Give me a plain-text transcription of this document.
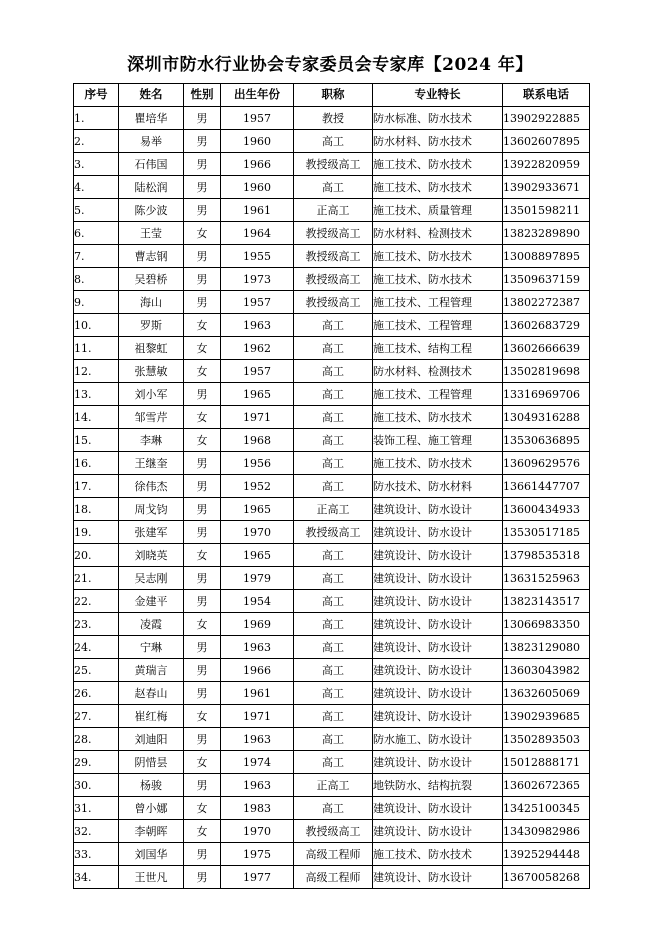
深圳市防水行业协会专家委员会专家库【2024 年】
序号	姓名	性别	出生年份	职称	专业特长	联系电话
1.	瞿培华	男	1957	教授	防水标准、防水技术	13902922885
2.	易举	男	1960	高工	防水材料、防水技术	13602607895
3.	石伟国	男	1966	教授级高工	施工技术、防水技术	13922820959
4.	陆松润	男	1960	高工	施工技术、防水技术	13902933671
5.	陈少波	男	1961	正高工	施工技术、质量管理	13501598211
6.	王莹	女	1964	教授级高工	防水材料、检测技术	13823289890
7.	曹志钢	男	1955	教授级高工	施工技术、防水技术	13008897895
8.	吴碧桥	男	1973	教授级高工	施工技术、防水技术	13509637159
9.	海山	男	1957	教授级高工	施工技术、工程管理	13802272387
10.	罗斯	女	1963	高工	施工技术、工程管理	13602683729
11.	祖黎虹	女	1962	高工	施工技术、结构工程	13602666639
12.	张慧敏	女	1957	高工	防水材料、检测技术	13502819698
13.	刘小军	男	1965	高工	施工技术、工程管理	13316969706
14.	邹雪芹	女	1971	高工	施工技术、防水技术	13049316288
15.	李琳	女	1968	高工	装饰工程、施工管理	13530636895
16.	王继奎	男	1956	高工	施工技术、防水技术	13609629576
17.	徐伟杰	男	1952	高工	防水技术、防水材料	13661447707
18.	周戈钧	男	1965	正高工	建筑设计、防水设计	13600434933
19.	张建军	男	1970	教授级高工	建筑设计、防水设计	13530517185
20.	刘晓英	女	1965	高工	建筑设计、防水设计	13798535318
21.	吴志刚	男	1979	高工	建筑设计、防水设计	13631525963
22.	金建平	男	1954	高工	建筑设计、防水设计	13823143517
23.	凌霞	女	1969	高工	建筑设计、防水设计	13066983350
24.	宁琳	男	1963	高工	建筑设计、防水设计	13823129080
25.	黄瑞言	男	1966	高工	建筑设计、防水设计	13603043982
26.	赵春山	男	1961	高工	建筑设计、防水设计	13632605069
27.	崔红梅	女	1971	高工	建筑设计、防水设计	13902939685
28.	刘迪阳	男	1963	高工	防水施工、防水设计	13502893503
29.	阴惜昙	女	1974	高工	建筑设计、防水设计	15012888171
30.	杨骏	男	1963	正高工	地铁防水、结构抗裂	13602672365
31.	曾小娜	女	1983	高工	建筑设计、防水设计	13425100345
32.	李朝晖	女	1970	教授级高工	建筑设计、防水设计	13430982986
33.	刘国华	男	1975	高级工程师	施工技术、防水技术	13925294448
34.	王世凡	男	1977	高级工程师	建筑设计、防水设计	13670058268
